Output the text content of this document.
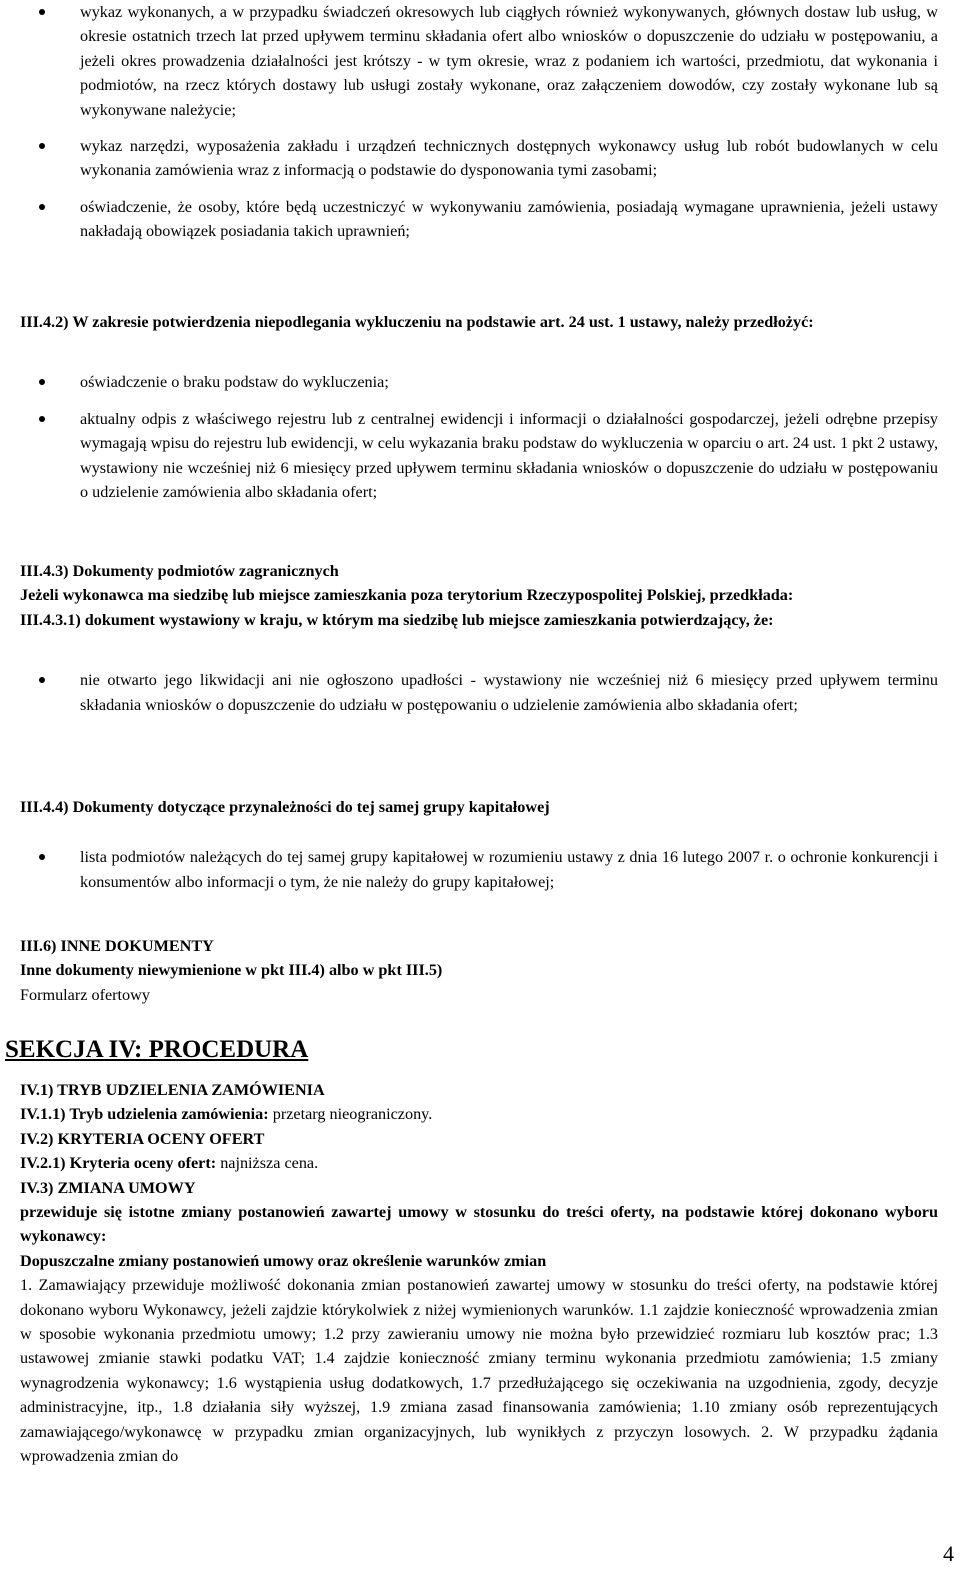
wykaz wykonanych, a w przypadku świadczeń okresowych lub ciągłych również wykonywanych, głównych dostaw lub usług, w okresie ostatnich trzech lat przed upływem terminu składania ofert albo wniosków o dopuszczenie do udziału w postępowaniu, a jeżeli okres prowadzenia działalności jest krótszy - w tym okresie, wraz z podaniem ich wartości, przedmiotu, dat wykonania i podmiotów, na rzecz których dostawy lub usługi zostały wykonane, oraz załączeniem dowodów, czy zostały wykonane lub są wykonywane należycie;
wykaz narzędzi, wyposażenia zakładu i urządzeń technicznych dostępnych wykonawcy usług lub robót budowlanych w celu wykonania zamówienia wraz z informacją o podstawie do dysponowania tymi zasobami;
oświadczenie, że osoby, które będą uczestniczyć w wykonywaniu zamówienia, posiadają wymagane uprawnienia, jeżeli ustawy nakładają obowiązek posiadania takich uprawnień;
III.4.2) W zakresie potwierdzenia niepodlegania wykluczeniu na podstawie art. 24 ust. 1 ustawy, należy przedłożyć:
oświadczenie o braku podstaw do wykluczenia;
aktualny odpis z właściwego rejestru lub z centralnej ewidencji i informacji o działalności gospodarczej, jeżeli odrębne przepisy wymagają wpisu do rejestru lub ewidencji, w celu wykazania braku podstaw do wykluczenia w oparciu o art. 24 ust. 1 pkt 2 ustawy, wystawiony nie wcześniej niż 6 miesięcy przed upływem terminu składania wniosków o dopuszczenie do udziału w postępowaniu o udzielenie zamówienia albo składania ofert;
III.4.3) Dokumenty podmiotów zagranicznych
Jeżeli wykonawca ma siedzibę lub miejsce zamieszkania poza terytorium Rzeczypospolitej Polskiej, przedkłada:
III.4.3.1) dokument wystawiony w kraju, w którym ma siedzibę lub miejsce zamieszkania potwierdzający, że:
nie otwarto jego likwidacji ani nie ogłoszono upadłości - wystawiony nie wcześniej niż 6 miesięcy przed upływem terminu składania wniosków o dopuszczenie do udziału w postępowaniu o udzielenie zamówienia albo składania ofert;
III.4.4) Dokumenty dotyczące przynależności do tej samej grupy kapitałowej
lista podmiotów należących do tej samej grupy kapitałowej w rozumieniu ustawy z dnia 16 lutego 2007 r. o ochronie konkurencji i konsumentów albo informacji o tym, że nie należy do grupy kapitałowej;
III.6) INNE DOKUMENTY
Inne dokumenty niewymienione w pkt III.4) albo w pkt III.5)
Formularz ofertowy
SEKCJA IV: PROCEDURA
IV.1) TRYB UDZIELENIA ZAMÓWIENIA
IV.1.1) Tryb udzielenia zamówienia: przetarg nieograniczony.
IV.2) KRYTERIA OCENY OFERT
IV.2.1) Kryteria oceny ofert: najniższa cena.
IV.3) ZMIANA UMOWY
przewiduje się istotne zmiany postanowień zawartej umowy w stosunku do treści oferty, na podstawie której dokonano wyboru wykonawcy:
Dopuszczalne zmiany postanowień umowy oraz określenie warunków zmian
1. Zamawiający przewiduje możliwość dokonania zmian postanowień zawartej umowy w stosunku do treści oferty, na podstawie której dokonano wyboru Wykonawcy, jeżeli zajdzie którykolwiek z niżej wymienionych warunków. 1.1 zajdzie konieczność wprowadzenia zmian w sposobie wykonania przedmiotu umowy; 1.2 przy zawieraniu umowy nie można było przewidzieć rozmiaru lub kosztów prac; 1.3 ustawowej zmianie stawki podatku VAT; 1.4 zajdzie konieczność zmiany terminu wykonania przedmiotu zamówienia; 1.5 zmiany wynagrodzenia wykonawcy; 1.6 wystąpienia usług dodatkowych, 1.7 przedłużającego się oczekiwania na uzgodnienia, zgody, decyzje administracyjne, itp., 1.8 działania siły wyższej, 1.9 zmiana zasad finansowania zamówienia; 1.10 zmiany osób reprezentujących zamawiającego/wykonawcę w przypadku zmian organizacyjnych, lub wynikłych z przyczyn losowych. 2. W przypadku żądania wprowadzenia zmian do
4
